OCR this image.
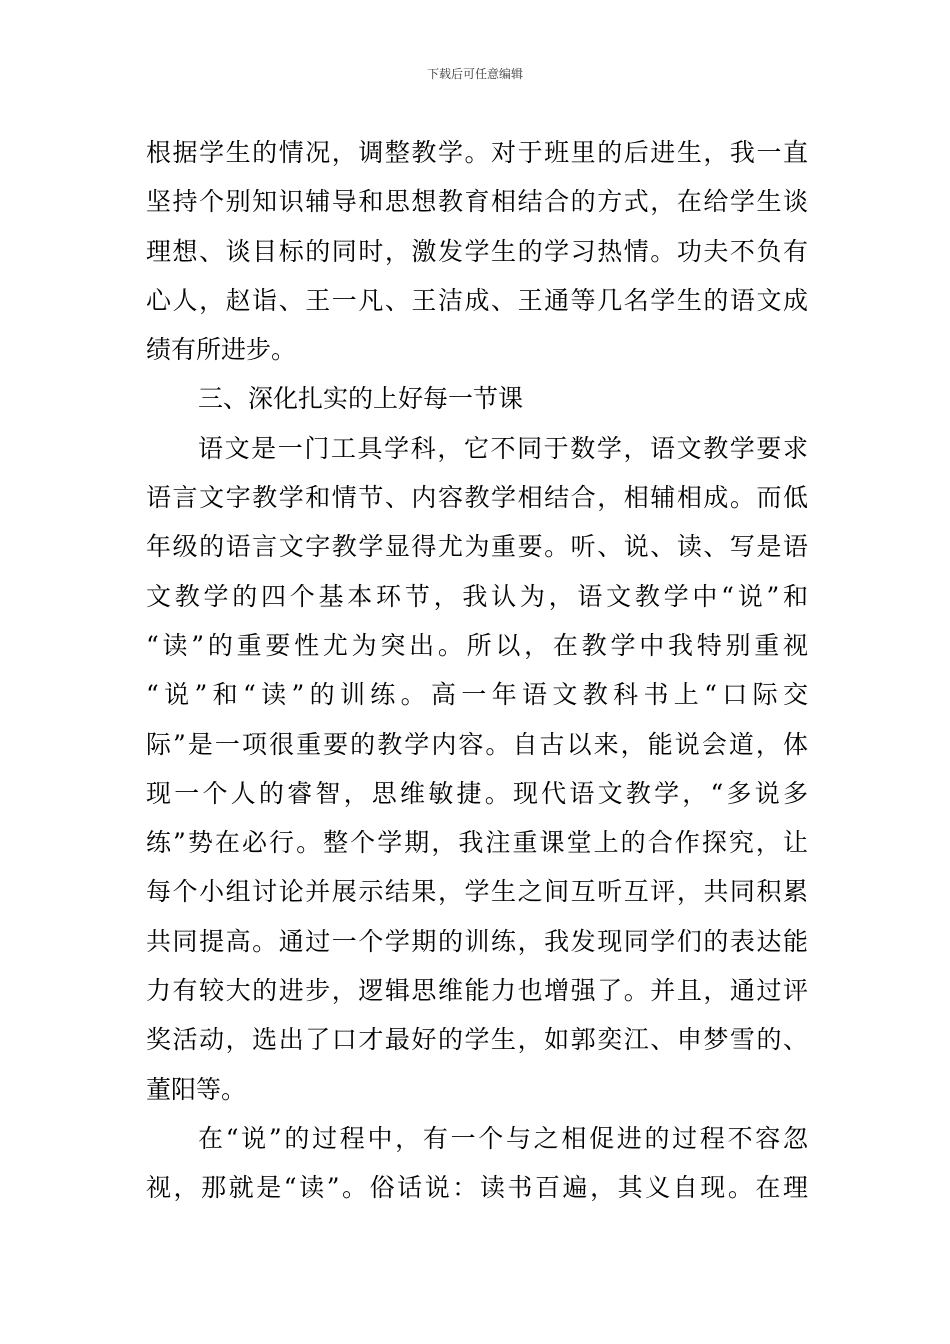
下载后可任意编辑
根据学生的情况，调整教学。对于班里的后进生，我一直
坚持个别知识辅导和思想教育相结合的方式，在给学生谈
理想、谈目标的同时，激发学生的学习热情。功夫不负有
心人，赵诣、王一凡、王洁成、王通等几名学生的语文成
绩有所进步。
三、深化扎实的上好每一节课
语文是一门工具学科，它不同于数学，语文教学要求
语言文字教学和情节、内容教学相结合，相辅相成。而低
年级的语言文字教学显得尤为重要。听、说、读、写是语
文教学的四个基本环节，我认为，语文教学中“说”和
“读”的重要性尤为突出。所以，在教学中我特别重视
“说”和“读”的训练。高一年语文教科书上“口际交
际”是一项很重要的教学内容。自古以来，能说会道，体
现一个人的睿智，思维敏捷。现代语文教学，“多说多
练”势在必行。整个学期，我注重课堂上的合作探究，让
每个小组讨论并展示结果，学生之间互听互评，共同积累
共同提高。通过一个学期的训练，我发现同学们的表达能
力有较大的进步，逻辑思维能力也增强了。并且，通过评
奖活动，选出了口才最好的学生，如郭奕江、申梦雪的、
董阳等。
在“说”的过程中，有一个与之相促进的过程不容忽
视，那就是“读”。俗话说：读书百遍，其义自现。在理
